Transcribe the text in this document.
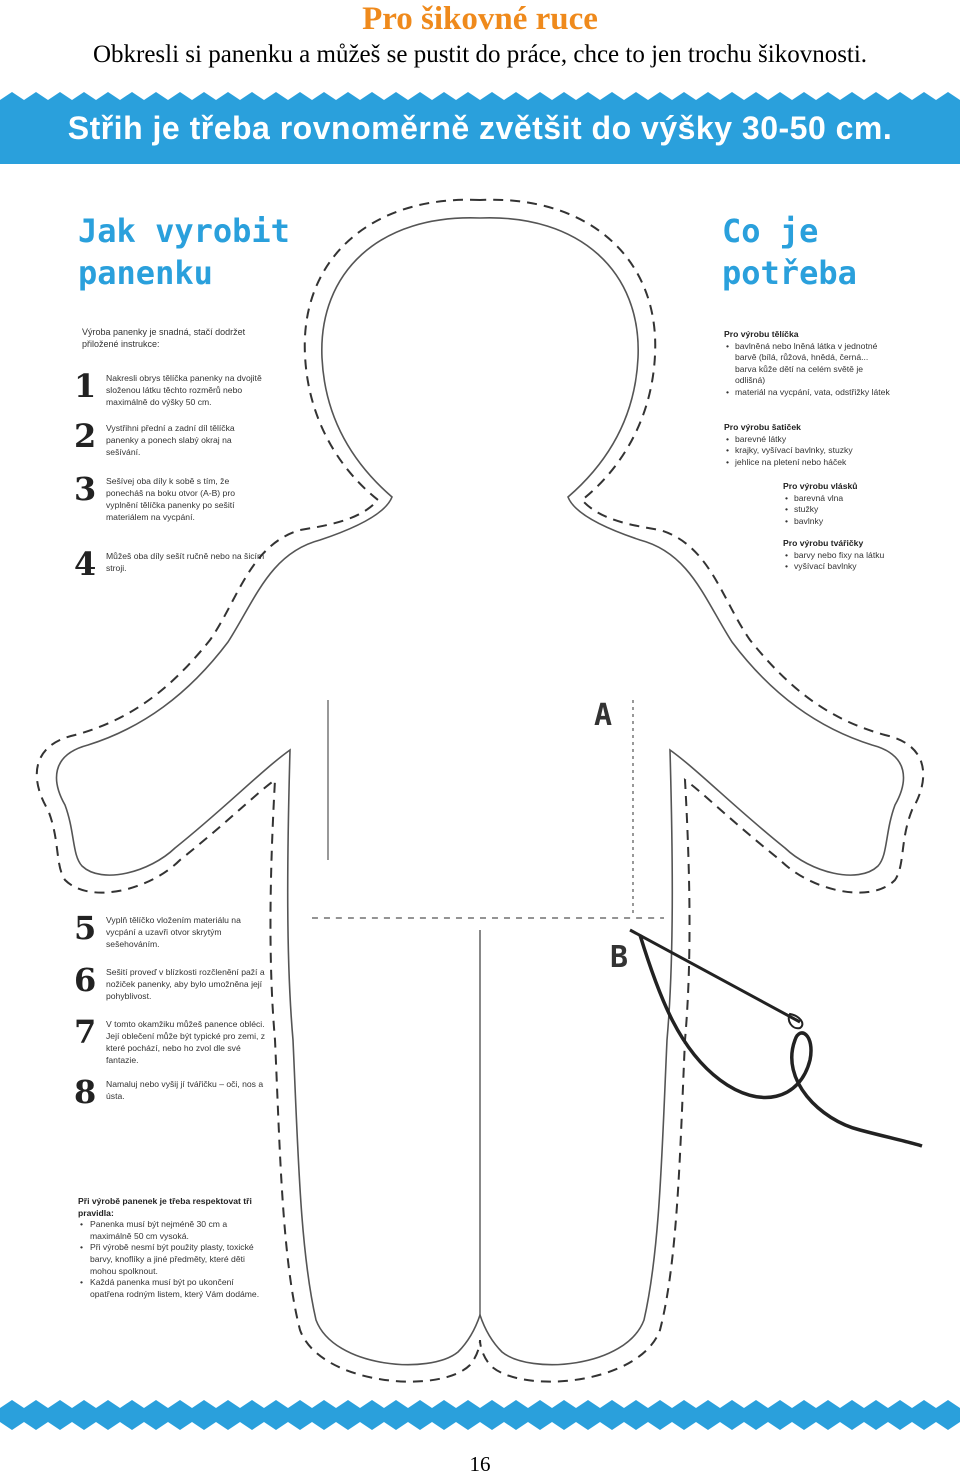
Pro šikovné ruce

Obkresli si panenku a můžeš se pustit do práce, chce to jen trochu šikovnosti.

Střih je třeba rovnoměrně zvětšit do výšky 30-50 cm.
A
B
Jak vyrobit
panenku
Co je
potřeba
Výroba panenky je snadná, stačí dodržet přiložené instrukce:
1	Nakresli obrys tělíčka panenky na dvojitě složenou látku těchto rozměrů nebo maximálně do výšky 50 cm.
2	Vystřihni přední a zadní díl tělíčka panenky a ponech slabý okraj na sešívání.
3	Sešívej oba díly k sobě s tím, že ponecháš na boku otvor (A-B) pro vyplnění tělíčka panenky po sešití materiálem na vycpání.
4	Můžeš oba díly sešít ručně nebo na šicím stroji.
5	Vyplň tělíčko vložením materiálu na vycpání a uzavři otvor skrytým sešehováním.
6	Sešití proveď v blízkosti rozčlenění paží a nožiček panenky, aby bylo umožněna její pohyblivost.
7	V tomto okamžiku můžeš panence obléci. Její oblečení může být typické pro zemi, z které pochází, nebo ho zvol dle své fantazie.
8	Namaluj nebo vyšij jí tvářičku – oči, nos a ústa.
Pro výrobu tělíčka
• bavlněná nebo lněná látka v jednotné barvě (bílá, růžová, hnědá, černá... barva kůže dětí na celém světě je odlišná)
• materiál na vycpání, vata, odstřižky látek
Pro výrobu šatiček
• barevné látky
• krajky, vyšívací bavlnky, stuzky
• jehlice na pletení nebo háček
Pro výrobu vlásků
• barevná vlna
• stužky
• bavlnky
Pro výrobu tvářičky
• barvy nebo fixy na látku
• vyšívací bavlnky
Při výrobě panenek je třeba respektovat tři pravidla:
• Panenka musí být nejméně 30 cm a maximálně 50 cm vysoká.
• Při výrobě nesmí být použity plasty, toxické barvy, knoflíky a jiné předměty, které děti mohou spolknout.
• Každá panenka musí být po ukončení opatřena rodným listem, který Vám dodáme.
16
